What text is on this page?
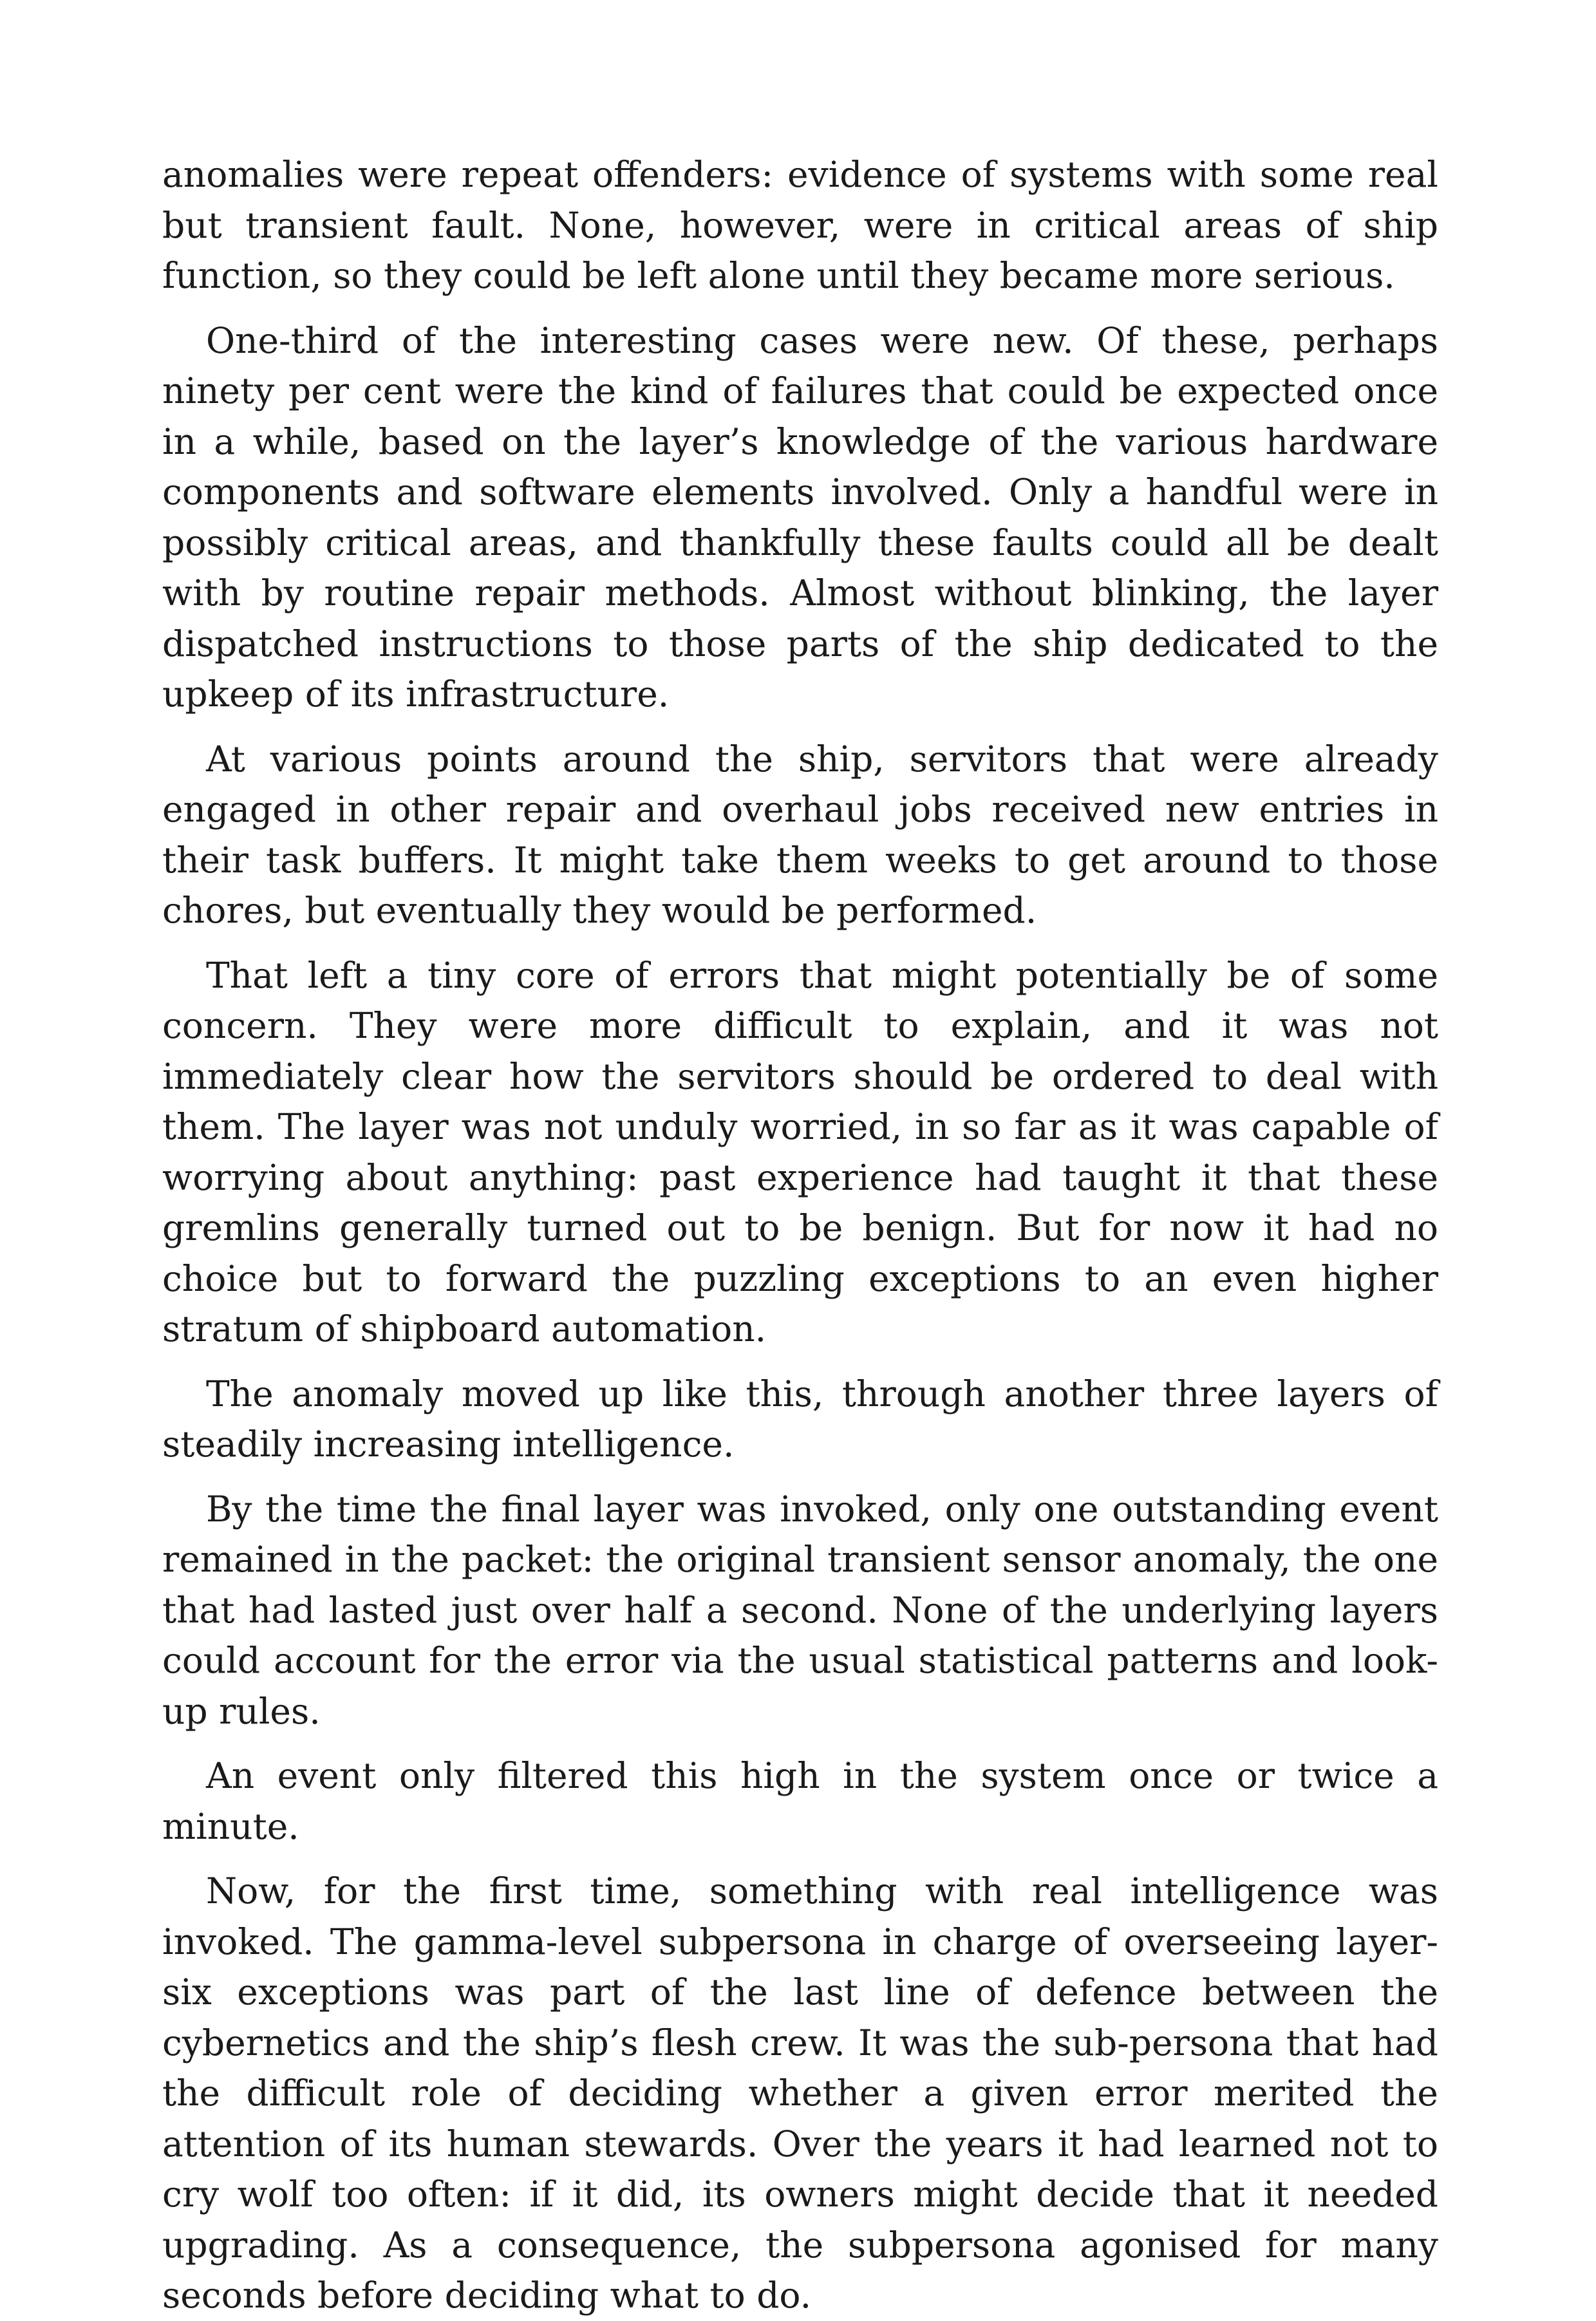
anomalies were repeat offenders: evidence of systems with some real but transient fault. None, however, were in critical areas of ship function, so they could be left alone until they became more serious.

One-third of the interesting cases were new. Of these, perhaps ninety per cent were the kind of failures that could be expected once in a while, based on the layer’s knowledge of the various hardware components and software elements involved. Only a handful were in possibly critical areas, and thankfully these faults could all be dealt with by routine repair methods. Almost without blinking, the layer dispatched instructions to those parts of the ship dedicated to the upkeep of its infrastructure.

At various points around the ship, servitors that were already engaged in other repair and overhaul jobs received new entries in their task buffers. It might take them weeks to get around to those chores, but eventually they would be performed.

That left a tiny core of errors that might potentially be of some concern. They were more difficult to explain, and it was not immediately clear how the servitors should be ordered to deal with them. The layer was not unduly worried, in so far as it was capable of worrying about anything: past experience had taught it that these gremlins generally turned out to be benign. But for now it had no choice but to forward the puzzling exceptions to an even higher stratum of shipboard automation.

The anomaly moved up like this, through another three layers of steadily increasing intelligence.

By the time the final layer was invoked, only one outstanding event remained in the packet: the original transient sensor anomaly, the one that had lasted just over half a second. None of the underlying layers could account for the error via the usual statistical patterns and look-up rules.

An event only filtered this high in the system once or twice a minute.

Now, for the first time, something with real intelligence was invoked. The gamma-level subpersona in charge of overseeing layer-six exceptions was part of the last line of defence between the cybernetics and the ship’s flesh crew. It was the sub-persona that had the difficult role of deciding whether a given error merited the attention of its human stewards. Over the years it had learned not to cry wolf too often: if it did, its owners might decide that it needed upgrading. As a consequence, the subpersona agonised for many seconds before deciding what to do.
